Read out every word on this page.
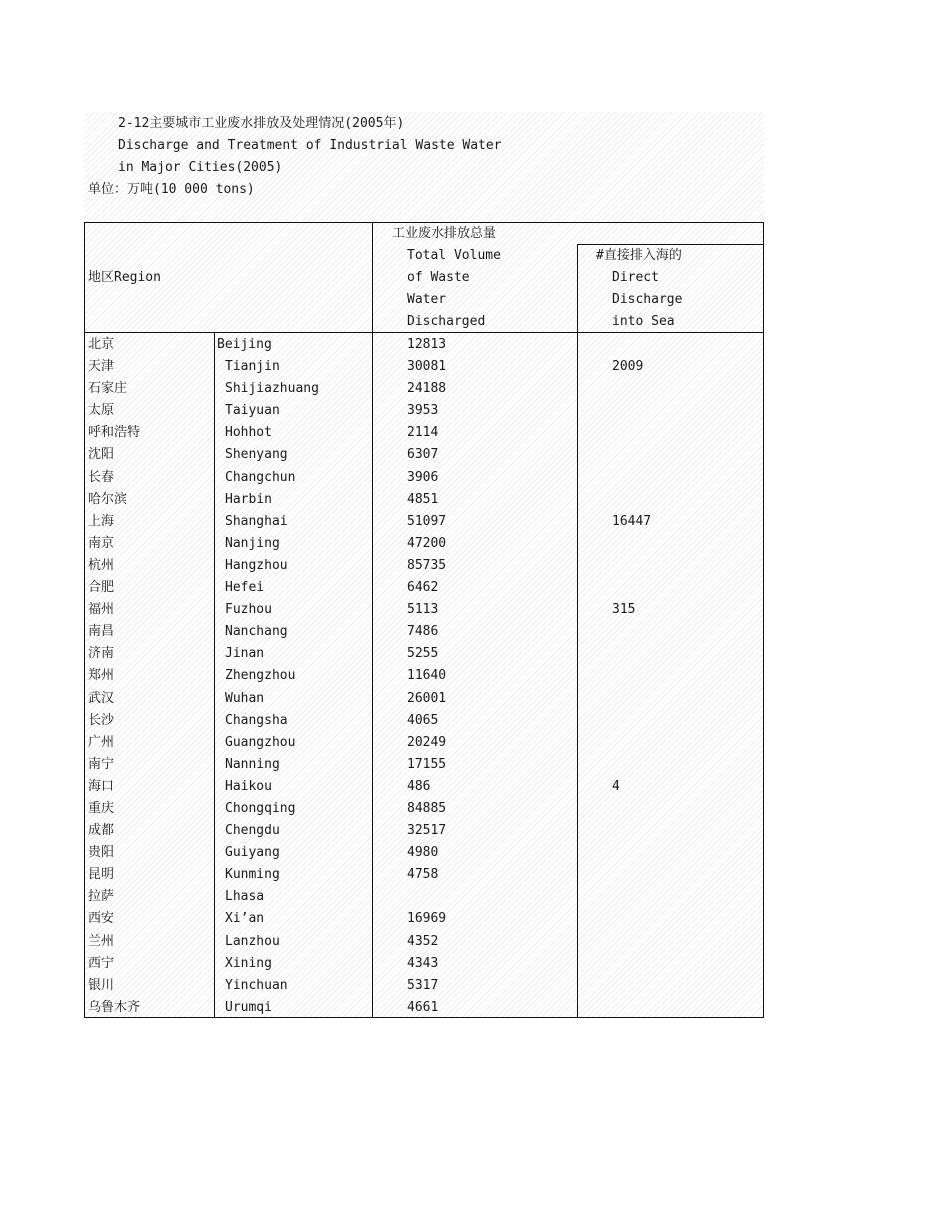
2-12主要城市工业废水排放及处理情况(2005年)
Discharge and Treatment of Industrial Waste Water
in Major Cities(2005)
单位：万吨(10 000 tons)
地区Region
工业废水排放总量
Total Volume
of Waste
Water
Discharged
#直接排入海的
Direct
Discharge
into Sea
北京	Beijing	12813
天津	Tianjin	30081	2009
石家庄	Shijiazhuang	24188
太原	Taiyuan	3953
呼和浩特	Hohhot	2114
沈阳	Shenyang	6307
长春	Changchun	3906
哈尔滨	Harbin	4851
上海	Shanghai	51097	16447
南京	Nanjing	47200
杭州	Hangzhou	85735
合肥	Hefei	6462
福州	Fuzhou	5113	315
南昌	Nanchang	7486
济南	Jinan	5255
郑州	Zhengzhou	11640
武汉	Wuhan	26001
长沙	Changsha	4065
广州	Guangzhou	20249
南宁	Nanning	17155
海口	Haikou	486	4
重庆	Chongqing	84885
成都	Chengdu	32517
贵阳	Guiyang	4980
昆明	Kunming	4758
拉萨	Lhasa
西安	Xi’an	16969
兰州	Lanzhou	4352
西宁	Xining	4343
银川	Yinchuan	5317
乌鲁木齐	Urumqi	4661
